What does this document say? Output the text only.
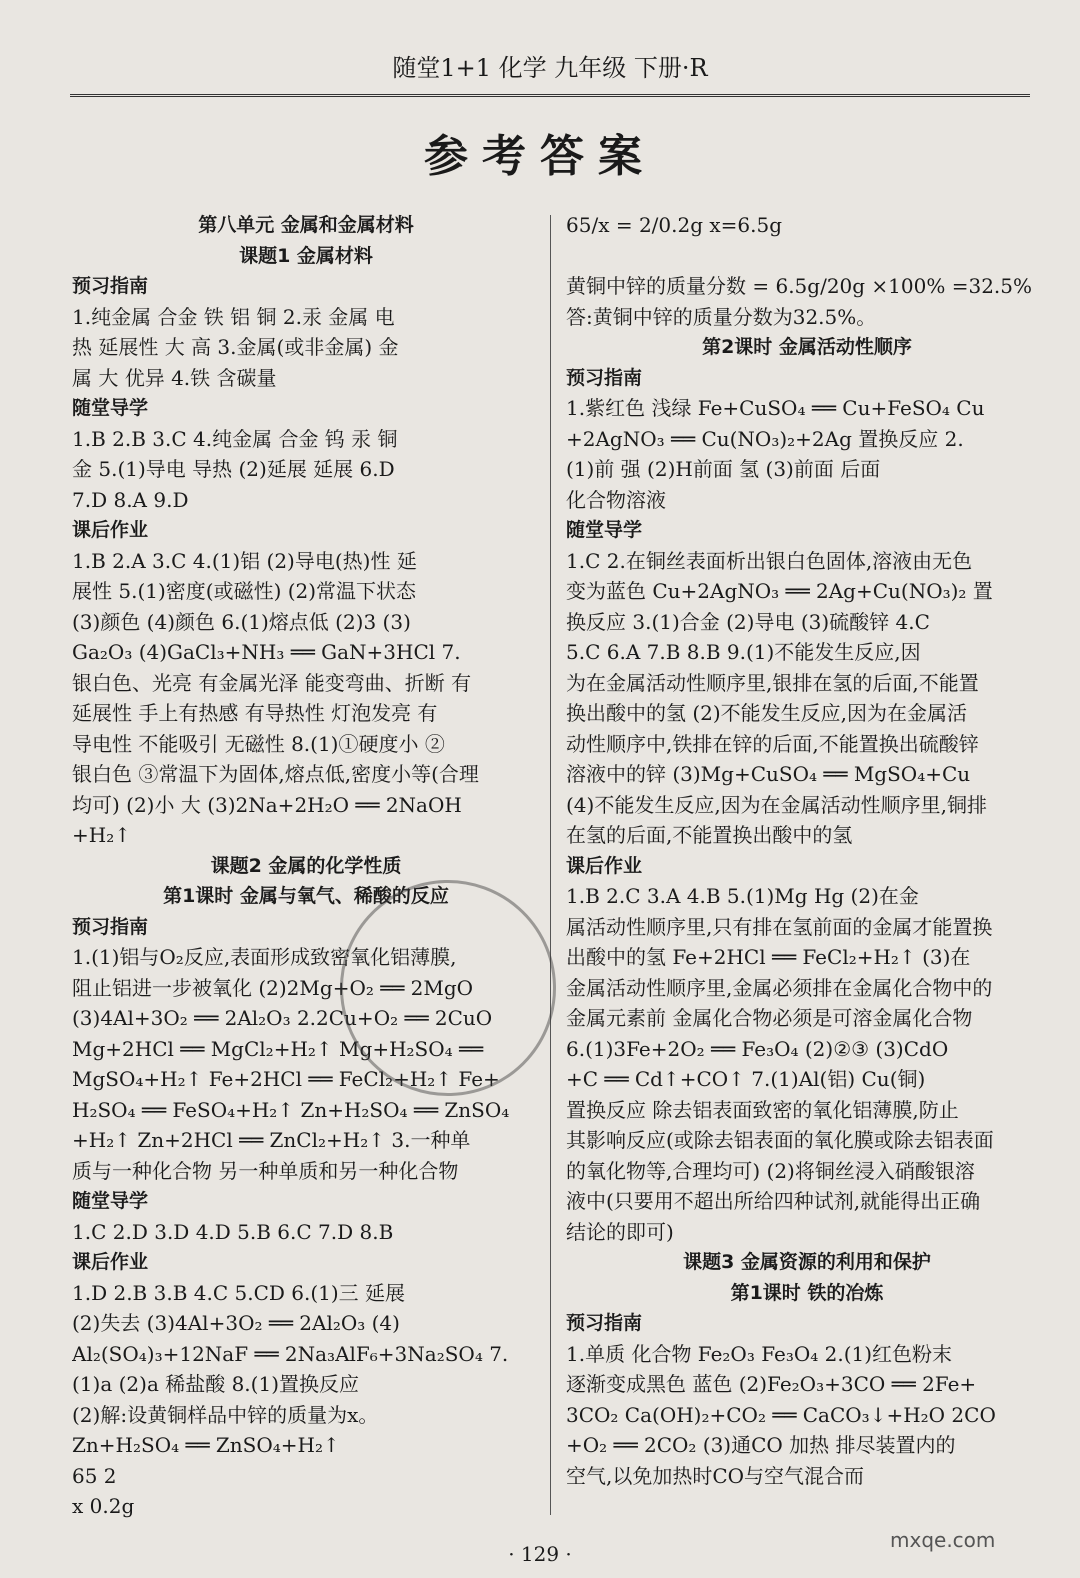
随堂1+1 化学 九年级 下册·R
参考答案
第八单元 金属和金属材料
课题1 金属材料
预习指南
1.纯金属 合金 铁 铝 铜 2.汞 金属 电
热 延展性 大 高 3.金属(或非金属) 金
属 大 优异 4.铁 含碳量
随堂导学
1.B 2.B 3.C 4.纯金属 合金 钨 汞 铜
金 5.(1)导电 导热 (2)延展 延展 6.D
7.D 8.A 9.D
课后作业
1.B 2.A 3.C 4.(1)铝 (2)导电(热)性 延
展性 5.(1)密度(或磁性) (2)常温下状态
(3)颜色 (4)颜色 6.(1)熔点低 (2)3 (3)
Ga₂O₃ (4)GaCl₃+NH₃ ══ GaN+3HCl 7.
银白色、光亮 有金属光泽 能变弯曲、折断 有
延展性 手上有热感 有导热性 灯泡发亮 有
导电性 不能吸引 无磁性 8.(1)①硬度小 ②
银白色 ③常温下为固体,熔点低,密度小等(合理
均可) (2)小 大 (3)2Na+2H₂O ══ 2NaOH
+H₂↑
课题2 金属的化学性质
第1课时 金属与氧气、稀酸的反应
预习指南
1.(1)铝与O₂反应,表面形成致密氧化铝薄膜,
阻止铝进一步被氧化 (2)2Mg+O₂ ══ 2MgO
(3)4Al+3O₂ ══ 2Al₂O₃ 2.2Cu+O₂ ══ 2CuO
Mg+2HCl ══ MgCl₂+H₂↑ Mg+H₂SO₄ ══
MgSO₄+H₂↑ Fe+2HCl ══ FeCl₂+H₂↑ Fe+
H₂SO₄ ══ FeSO₄+H₂↑ Zn+H₂SO₄ ══ ZnSO₄
+H₂↑ Zn+2HCl ══ ZnCl₂+H₂↑ 3.一种单
质与一种化合物 另一种单质和另一种化合物
随堂导学
1.C 2.D 3.D 4.D 5.B 6.C 7.D 8.B
课后作业
1.D 2.B 3.B 4.C 5.CD 6.(1)三 延展
(2)失去 (3)4Al+3O₂ ══ 2Al₂O₃ (4)
Al₂(SO₄)₃+12NaF ══ 2Na₃AlF₆+3Na₂SO₄ 7.
(1)a (2)a 稀盐酸 8.(1)置换反应
(2)解:设黄铜样品中锌的质量为x。
Zn+H₂SO₄ ══ ZnSO₄+H₂↑
65 2
x 0.2g
65/x = 2/0.2g x=6.5g

黄铜中锌的质量分数 = 6.5g/20g ×100% =32.5%
答:黄铜中锌的质量分数为32.5%。
第2课时 金属活动性顺序
预习指南
1.紫红色 浅绿 Fe+CuSO₄ ══ Cu+FeSO₄ Cu
+2AgNO₃ ══ Cu(NO₃)₂+2Ag 置换反应 2.
(1)前 强 (2)H前面 氢 (3)前面 后面
化合物溶液
随堂导学
1.C 2.在铜丝表面析出银白色固体,溶液由无色
变为蓝色 Cu+2AgNO₃ ══ 2Ag+Cu(NO₃)₂ 置
换反应 3.(1)合金 (2)导电 (3)硫酸锌 4.C
5.C 6.A 7.B 8.B 9.(1)不能发生反应,因
为在金属活动性顺序里,银排在氢的后面,不能置
换出酸中的氢 (2)不能发生反应,因为在金属活
动性顺序中,铁排在锌的后面,不能置换出硫酸锌
溶液中的锌 (3)Mg+CuSO₄ ══ MgSO₄+Cu
(4)不能发生反应,因为在金属活动性顺序里,铜排
在氢的后面,不能置换出酸中的氢
课后作业
1.B 2.C 3.A 4.B 5.(1)Mg Hg (2)在金
属活动性顺序里,只有排在氢前面的金属才能置换
出酸中的氢 Fe+2HCl ══ FeCl₂+H₂↑ (3)在
金属活动性顺序里,金属必须排在金属化合物中的
金属元素前 金属化合物必须是可溶金属化合物
6.(1)3Fe+2O₂ ══ Fe₃O₄ (2)②③ (3)CdO
+C ══ Cd↑+CO↑ 7.(1)Al(铝) Cu(铜)
置换反应 除去铝表面致密的氧化铝薄膜,防止
其影响反应(或除去铝表面的氧化膜或除去铝表面
的氧化物等,合理均可) (2)将铜丝浸入硝酸银溶
液中(只要用不超出所给四种试剂,就能得出正确
结论的即可)
课题3 金属资源的利用和保护
第1课时 铁的冶炼
预习指南
1.单质 化合物 Fe₂O₃ Fe₃O₄ 2.(1)红色粉末
逐渐变成黑色 蓝色 (2)Fe₂O₃+3CO ══ 2Fe+
3CO₂ Ca(OH)₂+CO₂ ══ CaCO₃↓+H₂O 2CO
+O₂ ══ 2CO₂ (3)通CO 加热 排尽装置内的
空气,以免加热时CO与空气混合而
· 129 ·
mxqe.com
